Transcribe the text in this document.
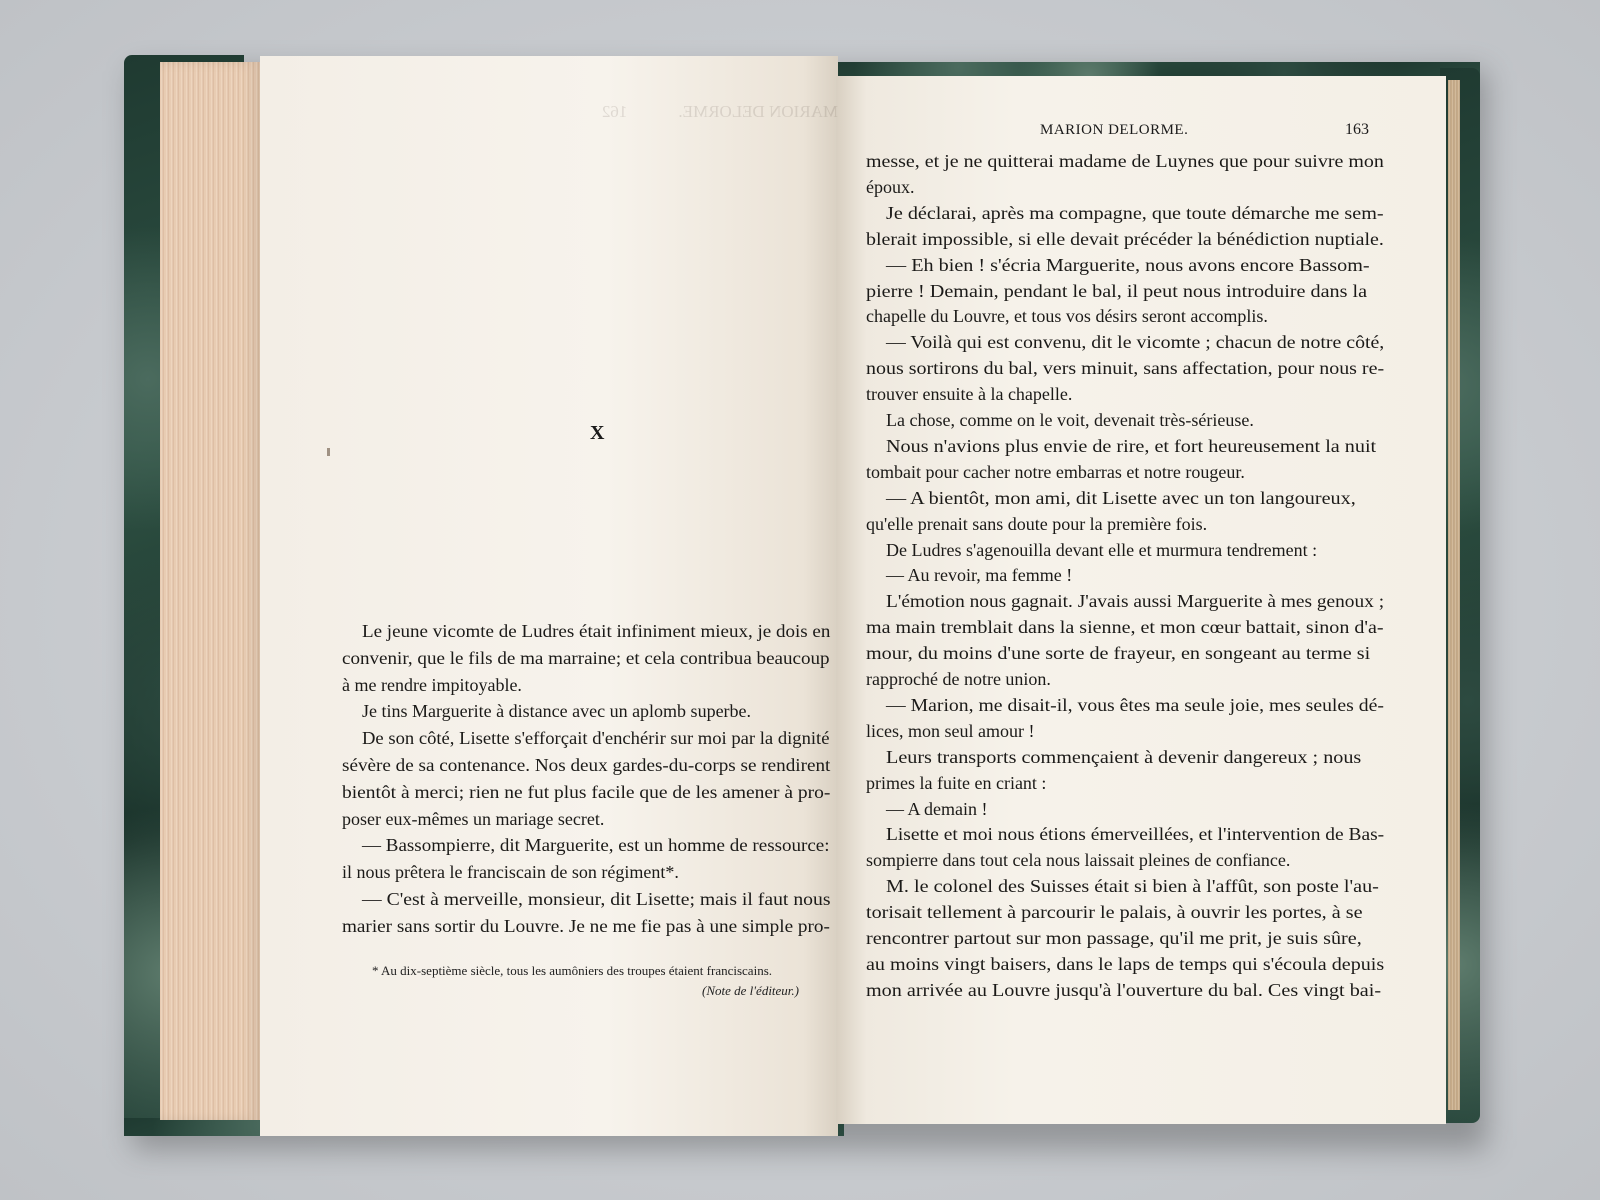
X
Le jeune vicomte de Ludres était infiniment mieux, je dois en
convenir, que le fils de ma marraine; et cela contribua beaucoup
à me rendre impitoyable.
Je tins Marguerite à distance avec un aplomb superbe.
De son côté, Lisette s'efforçait d'enchérir sur moi par la dignité
sévère de sa contenance. Nos deux gardes-du-corps se rendirent
bientôt à merci; rien ne fut plus facile que de les amener à pro-
poser eux-mêmes un mariage secret.
— Bassompierre, dit Marguerite, est un homme de ressource:
il nous prêtera le franciscain de son régiment*.
— C'est à merveille, monsieur, dit Lisette; mais il faut nous
marier sans sortir du Louvre. Je ne me fie pas à une simple pro-
* Au dix-septième siècle, tous les aumôniers des troupes étaient franciscains.
(Note de l'éditeur.)
MARION DELORME.	163
messe, et je ne quitterai madame de Luynes que pour suivre mon
époux.
Je déclarai, après ma compagne, que toute démarche me sem-
blerait impossible, si elle devait précéder la bénédiction nuptiale.
— Eh bien ! s'écria Marguerite, nous avons encore Bassom-
pierre ! Demain, pendant le bal, il peut nous introduire dans la
chapelle du Louvre, et tous vos désirs seront accomplis.
— Voilà qui est convenu, dit le vicomte ; chacun de notre côté,
nous sortirons du bal, vers minuit, sans affectation, pour nous re-
trouver ensuite à la chapelle.
La chose, comme on le voit, devenait très-sérieuse.
Nous n'avions plus envie de rire, et fort heureusement la nuit
tombait pour cacher notre embarras et notre rougeur.
— A bientôt, mon ami, dit Lisette avec un ton langoureux,
qu'elle prenait sans doute pour la première fois.
De Ludres s'agenouilla devant elle et murmura tendrement :
— Au revoir, ma femme !
L'émotion nous gagnait. J'avais aussi Marguerite à mes genoux ;
ma main tremblait dans la sienne, et mon cœur battait, sinon d'a-
mour, du moins d'une sorte de frayeur, en songeant au terme si
rapproché de notre union.
— Marion, me disait-il, vous êtes ma seule joie, mes seules dé-
lices, mon seul amour !
Leurs transports commençaient à devenir dangereux ; nous
primes la fuite en criant :
— A demain !
Lisette et moi nous étions émerveillées, et l'intervention de Bas-
sompierre dans tout cela nous laissait pleines de confiance.
M. le colonel des Suisses était si bien à l'affût, son poste l'au-
torisait tellement à parcourir le palais, à ouvrir les portes, à se
rencontrer partout sur mon passage, qu'il me prit, je suis sûre,
au moins vingt baisers, dans le laps de temps qui s'écoula depuis
mon arrivée au Louvre jusqu'à l'ouverture du bal. Ces vingt bai-
